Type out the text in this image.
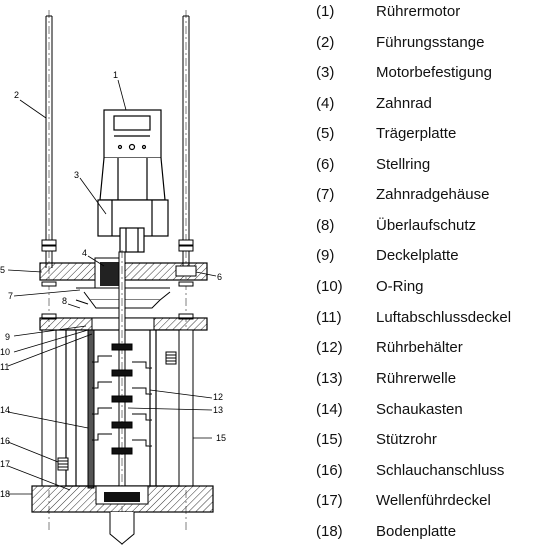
1
2
3
4
5
6
7	8
9
10
11
12
13
14
15
16
17
18
(1)	Rührermotor
(2)	Führungsstange
(3)	Motorbefestigung
(4)	Zahnrad
(5)	Trägerplatte
(6)	Stellring
(7)	Zahnradgehäuse
(8)	Überlaufschutz
(9)	Deckelplatte
(10) O-Ring
(11) Luftabschlussdeckel
(12) Rührbehälter
(13) Rührerwelle
(14) Schaukasten
(15) Stützrohr
(16) Schlauchanschluss
(17) Wellenführdeckel
(18) Bodenplatte
